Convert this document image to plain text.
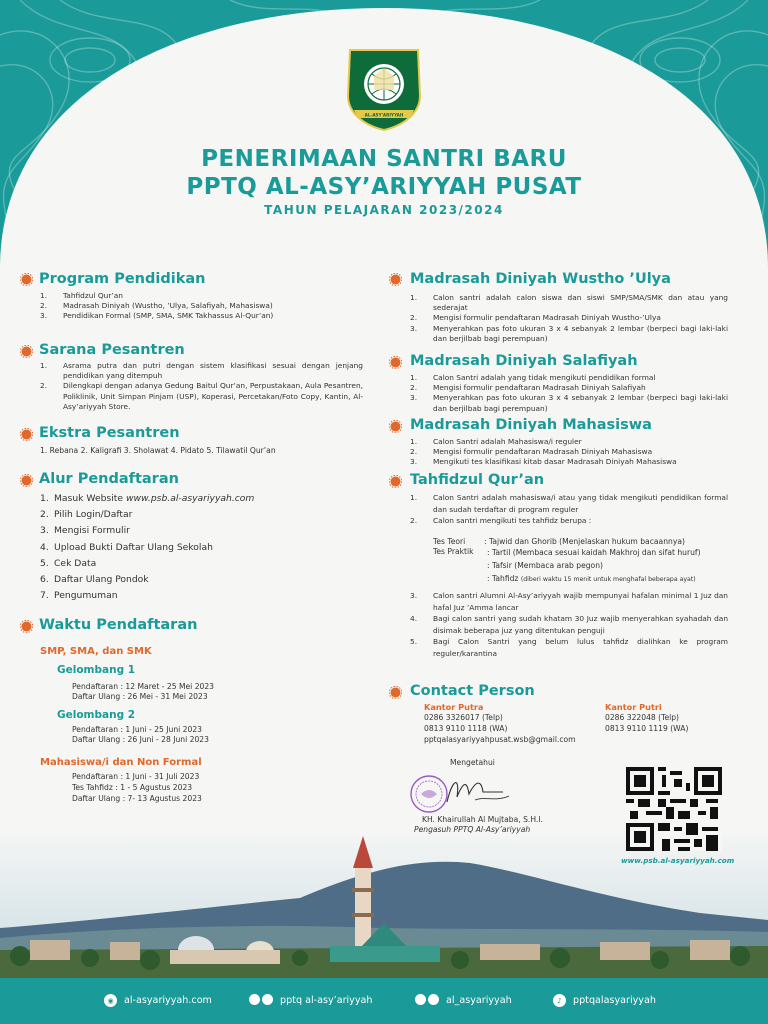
AL-ASY'ARIYYAH
PENERIMAAN SANTRI BARU
PPTQ AL-ASY’ARIYYAH PUSAT
TAHUN PELAJARAN 2023/2024
Program Pendidikan
1.	Tahfidzul Qur’an
2.	Madrasah Diniyah (Wustho, ’Ulya, Salafiyah, Mahasiswa)
3.	Pendidikan Formal (SMP, SMA, SMK Takhassus Al-Qur’an)
Sarana Pesantren
1.	Asrama putra dan putri dengan sistem klasifikasi sesuai dengan jenjang pendidikan yang ditempuh
2.	Dilengkapi dengan adanya Gedung Baitul Qur’an, Perpustakaan, Aula Pesantren, Poliklinik, Unit Simpan Pinjam (USP), Koperasi, Percetakan/Foto Copy, Kantin, Al-Asy’ariyyah Store.
Ekstra Pesantren
1. Rebana 2. Kaligrafi 3. Sholawat 4. Pidato 5. Tilawatil Qur’an
Alur Pendaftaran
1. Masuk Website www.psb.al-asyariyyah.com
2. Pilih Login/Daftar
3. Mengisi Formulir
4. Upload Bukti Daftar Ulang Sekolah
5. Cek Data
6. Daftar Ulang Pondok
7. Pengumuman
Waktu Pendaftaran
SMP, SMA, dan SMK
Gelombang 1
Pendaftaran : 12 Maret - 25 Mei 2023
Daftar Ulang : 26 Mei - 31 Mei 2023
Gelombang 2
Pendaftaran : 1 Juni - 25 Juni 2023
Daftar Ulang : 26 Juni - 28 Juni 2023
Mahasiswa/i dan Non Formal
Pendaftaran : 1 Juni - 31 Juli 2023
Tes Tahfidz : 1 - 5 Agustus 2023
Daftar Ulang : 7- 13 Agustus 2023
Madrasah Diniyah Wustho ’Ulya
1.	Calon santri adalah calon siswa dan siswi SMP/SMA/SMK dan atau yang sederajat
2.	Mengisi formulir pendaftaran Madrasah Diniyah Wustho-’Ulya
3.	Menyerahkan pas foto ukuran 3 x 4 sebanyak 2 lembar (berpeci bagi laki-laki dan berjilbab bagi perempuan)
Madrasah Diniyah Salafiyah
1.	Calon Santri adalah yang tidak mengikuti pendidikan formal
2.	Mengisi formulir pendaftaran Madrasah Diniyah Salafiyah
3.	Menyerahkan pas foto ukuran 3 x 4 sebanyak 2 lembar (berpeci bagi laki-laki dan berjilbab bagi perempuan)
Madrasah Diniyah Mahasiswa
1.	Calon Santri adalah Mahasiswa/i reguler
2.	Mengisi formulir pendaftaran Madrasah Diniyah Mahasiswa
3.	Mengikuti tes klasifikasi kitab dasar Madrasah Diniyah Mahasiswa
Tahfidzul Qur’an
1.	Calon Santri adalah mahasiswa/i atau yang tidak mengikuti pendidikan formal dan sudah terdaftar di program reguler
2.	Calon santri mengikuti tes tahfidz berupa :
Tes Teori : Tajwid dan Ghorib (Menjelaskan hukum bacaannya)
Tes Praktik : Tartil (Membaca sesuai kaidah Makhroj dan sifat huruf)
: Tafsir (Membaca arab pegon)
: Tahfidz (diberi waktu 15 menit untuk menghafal beberapa ayat)
3.	Calon santri Alumni Al-Asy’ariyyah wajib mempunyai hafalan minimal 1 Juz dan hafal Juz ’Amma lancar
4.	Bagi calon santri yang sudah khatam 30 Juz wajib menyerahkan syahadah dan disimak beberapa juz yang ditentukan penguji
5.	Bagi Calon Santri yang belum lulus tahfidz dialihkan ke program reguler/karantina
Contact Person
Kantor Putra
0286 3326017 (Telp)
0813 9110 1118 (WA)
pptqalasyariyyahpusat.wsb@gmail.com
Kantor Putri
0286 322048 (Telp)
0813 9110 1119 (WA)
Mengetahui
KH. Khairullah Al Mujtaba, S.H.I.
Pengasuh PPTQ Al-Asy’ariyyah
www.psb.al-asyariyyah.com
◉	al-asyariyyah.com	pptq al-asy’ariyyah	al_asyariyyah	♪	pptqalasyariyyah
